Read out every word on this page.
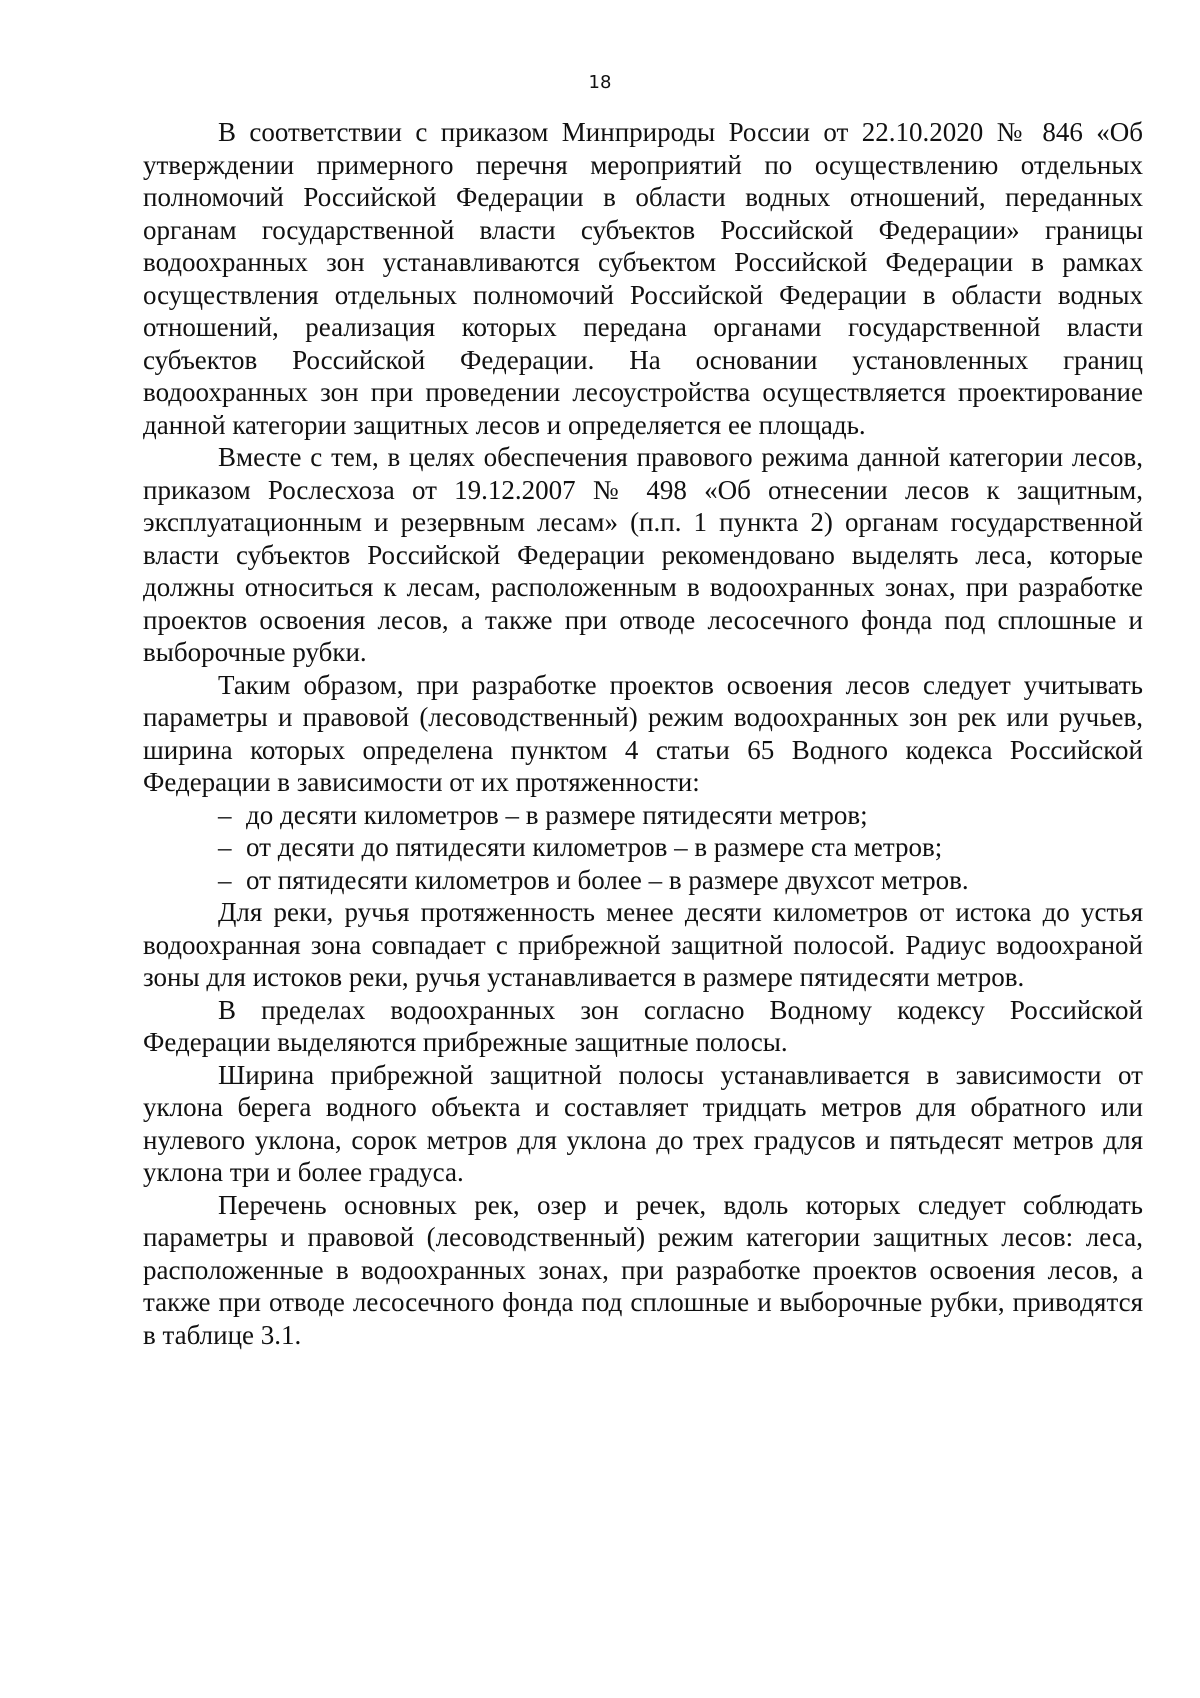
18

В соответствии с приказом Минприроды России от 22.10.2020 № 846 «Об утверждении примерного перечня мероприятий по осуществлению отдельных полномочий Российской Федерации в области водных отношений, переданных органам государственной власти субъектов Российской Федерации» границы водоохранных зон устанавливаются субъектом Российской Федерации в рамках осуществления отдельных полномочий Российской Федерации в области водных отношений, реализация которых передана органами государственной власти субъектов Российской Федерации. На основании установленных границ водоохранных зон при проведении лесоустройства осуществляется проектирование данной категории защитных лесов и определяется ее площадь.

Вместе с тем, в целях обеспечения правового режима данной категории лесов, приказом Рослесхоза от 19.12.2007 № 498 «Об отнесении лесов к защитным, эксплуатационным и резервным лесам» (п.п. 1 пункта 2) органам государственной власти субъектов Российской Федерации рекомендовано выделять леса, которые должны относиться к лесам, расположенным в водоохранных зонах, при разработке проектов освоения лесов, а также при отводе лесосечного фонда под сплошные и выборочные рубки.

Таким образом, при разработке проектов освоения лесов следует учитывать параметры и правовой (лесоводственный) режим водоохранных зон рек или ручьев, ширина которых определена пунктом 4 статьи 65 Водного кодекса Российской Федерации в зависимости от их протяженности:

– до десяти километров – в размере пятидесяти метров;
– от десяти до пятидесяти километров – в размере ста метров;
– от пятидесяти километров и более – в размере двухсот метров.

Для реки, ручья протяженность менее десяти километров от истока до устья водоохранная зона совпадает с прибрежной защитной полосой. Радиус водоохраной зоны для истоков реки, ручья устанавливается в размере пятидесяти метров.

В пределах водоохранных зон согласно Водному кодексу Российской Федерации выделяются прибрежные защитные полосы.

Ширина прибрежной защитной полосы устанавливается в зависимости от уклона берега водного объекта и составляет тридцать метров для обратного или нулевого уклона, сорок метров для уклона до трех градусов и пятьдесят метров для уклона три и более градуса.

Перечень основных рек, озер и речек, вдоль которых следует соблюдать параметры и правовой (лесоводственный) режим категории защитных лесов: леса, расположенные в водоохранных зонах, при разработке проектов освоения лесов, а также при отводе лесосечного фонда под сплошные и выборочные рубки, приводятся в таблице 3.1.
